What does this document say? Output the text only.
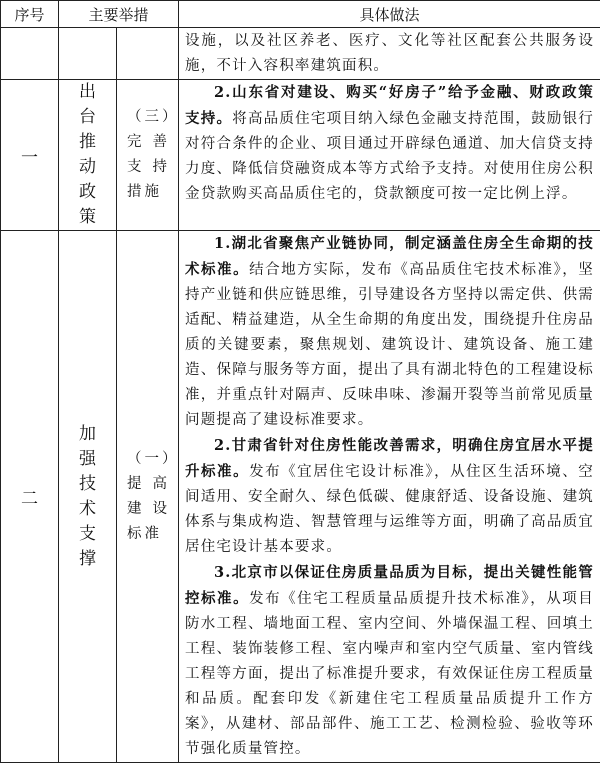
序号	主要举措		具体做法

			设施，以及社区养老、医疗、文化等社区配套公共服务设施，不计入容积率建筑面积。

一	出台推动政策	（三）完善支持措施	2.山东省对建设、购买“好房子”给予金融、财政政策支持。将高品质住宅项目纳入绿色金融支持范围，鼓励银行对符合条件的企业、项目通过开辟绿色通道、加大信贷支持力度、降低信贷融资成本等方式给予支持。对使用住房公积金贷款购买高品质住宅的，贷款额度可按一定比例上浮。

二	加强技术支撑	（一）提高建设标准	1.湖北省聚焦产业链协同，制定涵盖住房全生命期的技术标准。结合地方实际，发布《高品质住宅技术标准》，坚持产业链和供应链思维，引导建设各方坚持以需定供、供需适配、精益建造，从全生命期的角度出发，围绕提升住房品质的关键要素，聚焦规划、建筑设计、建筑设备、施工建造、保障与服务等方面，提出了具有湖北特色的工程建设标准，并重点针对隔声、反味串味、渗漏开裂等当前常见质量问题提高了建设标准要求。

2.甘肃省针对住房性能改善需求，明确住房宜居水平提升标准。发布《宜居住宅设计标准》，从住区生活环境、空间适用、安全耐久、绿色低碳、健康舒适、设备设施、建筑体系与集成构造、智慧管理与运维等方面，明确了高品质宜居住宅设计基本要求。

3.北京市以保证住房质量品质为目标，提出关键性能管控标准。发布《住宅工程质量品质提升技术标准》，从项目防水工程、墙地面工程、室内空间、外墙保温工程、回填土工程、装饰装修工程、室内噪声和室内空气质量、室内管线工程等方面，提出了标准提升要求，有效保证住房工程质量和品质。配套印发《新建住宅工程质量品质提升工作方案》，从建材、部品部件、施工工艺、检测检验、验收等环节强化质量管控。
